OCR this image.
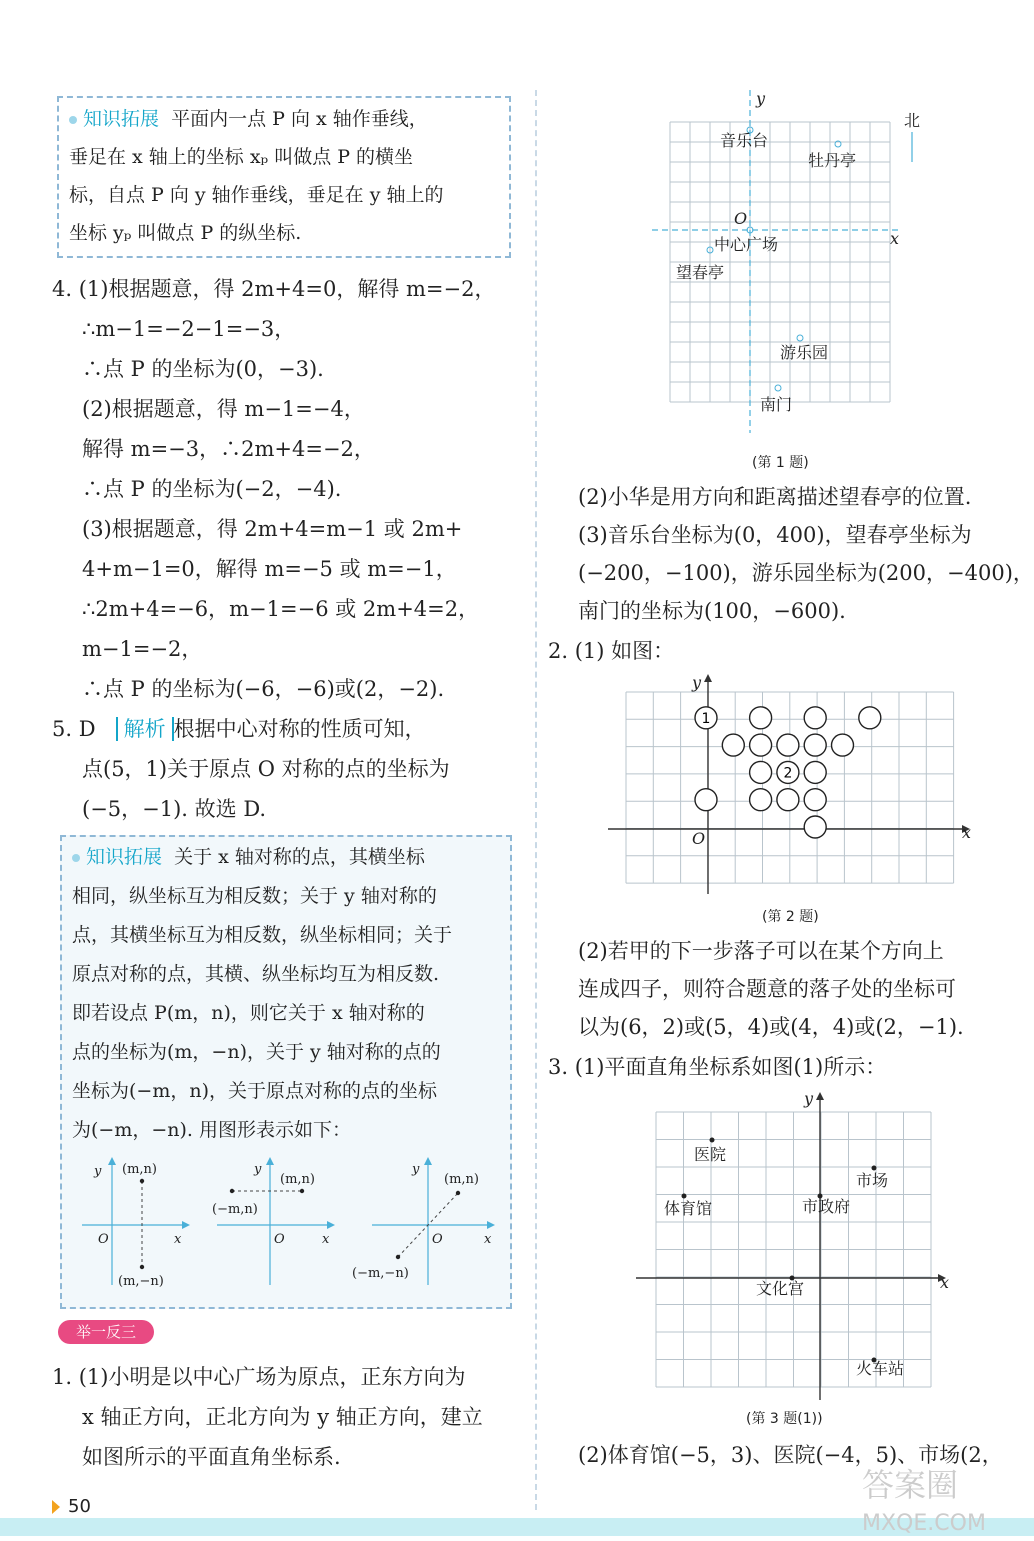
知识拓展 平面内一点 P 向 x 轴作垂线，
垂足在 x 轴上的坐标 xₚ 叫做点 P 的横坐
标，自点 P 向 y 轴作垂线，垂足在 y 轴上的
坐标 yₚ 叫做点 P 的纵坐标.
4. (1)根据题意，得 2m+4=0，解得 m=−2，
∴m−1=−2−1=−3，
∴点 P 的坐标为(0，−3).
(2)根据题意，得 m−1=−4，
解得 m=−3，∴2m+4=−2，
∴点 P 的坐标为(−2，−4).
(3)根据题意，得 2m+4=m−1 或 2m+
4+m−1=0，解得 m=−5 或 m=−1，
∴2m+4=−6，m−1=−6 或 2m+4=2，
m−1=−2，
∴点 P 的坐标为(−6，−6)或(2，−2).
5. D 解析 根据中心对称的性质可知，
点(5，1)关于原点 O 对称的点的坐标为
(−5，−1). 故选 D.
知识拓展 关于 x 轴对称的点，其横坐标
相同，纵坐标互为相反数；关于 y 轴对称的
点，其横坐标互为相反数，纵坐标相同；关于
原点对称的点，其横、纵坐标均互为相反数.
即若设点 P(m，n)，则它关于 x 轴对称的
点的坐标为(m，−n)，关于 y 轴对称的点的
坐标为(−m，n)，关于原点对称的点的坐标
为(−m，−n). 用图形表示如下：
y (m,n)
(m,−n)
O	x
y
(m,n)
(−m,n)
O	x
y
(m,n)
(−m,−n)
O	x
举一反三
1. (1)小明是以中心广场为原点，正东方向为
x 轴正方向，正北方向为 y 轴正方向，建立
如图所示的平面直角坐标系.
y
x
O
北
音乐台
牡丹亭
中心广场
望春亭
游乐园
南门
(第 1 题)
(2)小华是用方向和距离描述望春亭的位置.
(3)音乐台坐标为(0，400)，望春亭坐标为
(−200，−100)，游乐园坐标为(200，−400)，
南门的坐标为(100，−600).
2. (1) 如图：
y
x
O
1
2
(第 2 题)
(2)若甲的下一步落子可以在某个方向上
连成四子，则符合题意的落子处的坐标可
以为(6，2)或(5，4)或(4，4)或(2，−1).
3. (1)平面直角坐标系如图(1)所示：
y
x
医院
市场
体育馆	市政府
文化宫
火车站
(第 3 题(1))
(2)体育馆(−5，3)、医院(−4，5)、市场(2，
50
答案圈
MXQE.COM
